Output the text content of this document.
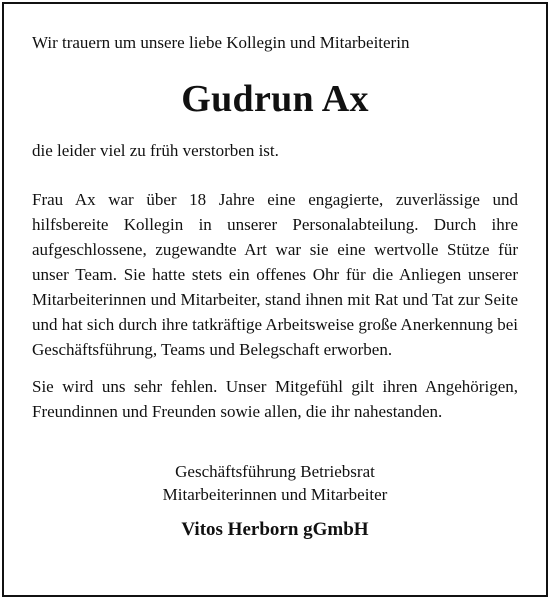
Wir trauern um unsere liebe Kollegin und Mitarbeiterin

Gudrun Ax

die leider viel zu früh verstorben ist.

Frau Ax war über 18 Jahre eine engagierte, zuverlässige und hilfsbereite Kollegin in unserer Personalabteilung. Durch ihre aufgeschlossene, zugewandte Art war sie eine wertvolle Stütze für unser Team. Sie hatte stets ein offenes Ohr für die Anliegen unserer Mitarbeiterinnen und Mitarbeiter, stand ihnen mit Rat und Tat zur Seite und hat sich durch ihre tatkräftige Arbeitsweise große Anerkennung bei Geschäftsführung, Teams und Belegschaft erworben.

Sie wird uns sehr fehlen. Unser Mitgefühl gilt ihren Angehörigen, Freundinnen und Freunden sowie allen, die ihr nahestanden.

Geschäftsführung Betriebsrat
Mitarbeiterinnen und Mitarbeiter
Vitos Herborn gGmbH
